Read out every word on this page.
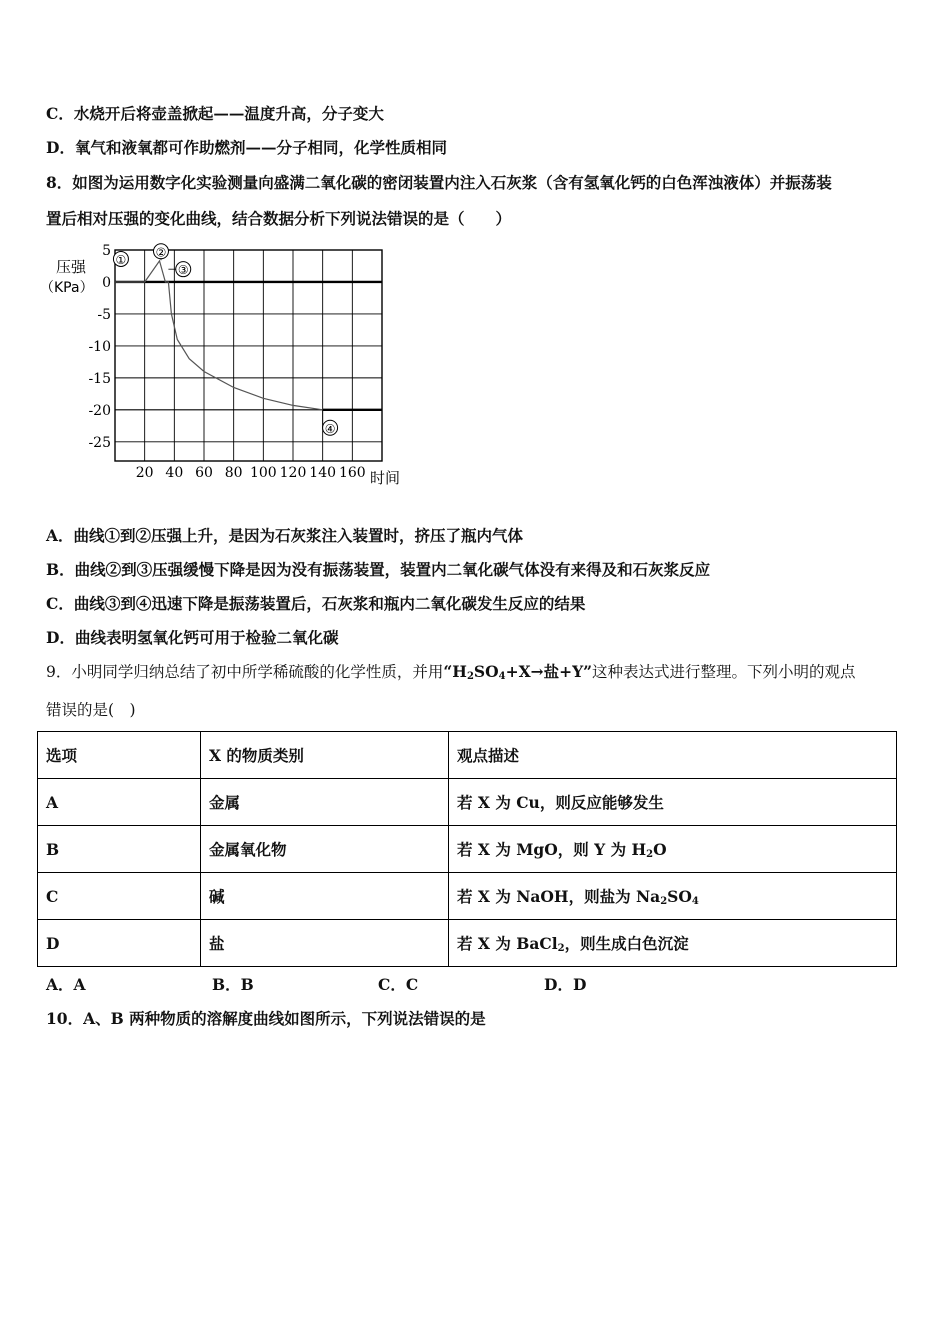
C．水烧开后将壶盖掀起——温度升高，分子变大
D．氧气和液氧都可作助燃剂——分子相同，化学性质相同
8．如图为运用数字化实验测量向盛满二氧化碳的密闭装置内注入石灰浆（含有氢氧化钙的白色浑浊液体）并振荡装
置后相对压强的变化曲线，结合数据分析下列说法错误的是（　　）
5
0
-5
-10
-15
-20
-25
20 40 60 80 100 120 140 160
压强
（KPa）
时间
①
②
③
④
A．曲线①到②压强上升，是因为石灰浆注入装置时，挤压了瓶内气体
B．曲线②到③压强缓慢下降是因为没有振荡装置，装置内二氧化碳气体没有来得及和石灰浆反应
C．曲线③到④迅速下降是振荡装置后，石灰浆和瓶内二氧化碳发生反应的结果
D．曲线表明氢氧化钙可用于检验二氧化碳
9．小明同学归纳总结了初中所学稀硫酸的化学性质，并用“$H_2SO_4+X\to$盐+Y”这种表达式进行整理。下列小明的观点
错误的是(　)
选项	X 的物质类别	观点描述
A	金属	若 X 为 Cu，则反应能够发生
B	金属氧化物	若 X 为 MgO，则 Y 为 $H_2O$
C	碱	若 X 为 NaOH，则盐为 $Na_2SO_4$
D	盐	若 X 为 BaCl$_2$，则生成白色沉淀
A．A	B．B	C．C	D．D
10．A、B 两种物质的溶解度曲线如图所示，下列说法错误的是
